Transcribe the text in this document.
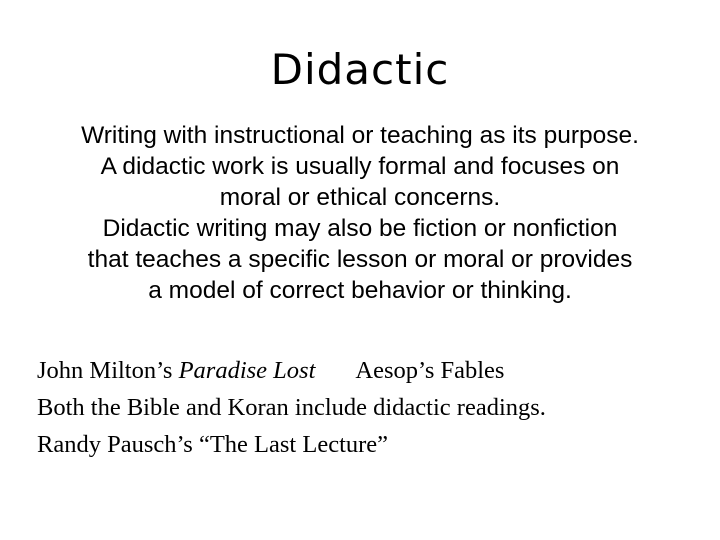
Didactic
Writing with instructional or teaching as its purpose.
A didactic work is usually formal and focuses on
moral or ethical concerns.
Didactic writing may also be fiction or nonfiction
that teaches a specific lesson or moral or provides
a model of correct behavior or thinking.
John Milton’s Paradise Lost Aesop’s Fables
Both the Bible and Koran include didactic readings.
Randy Pausch’s “The Last Lecture”
